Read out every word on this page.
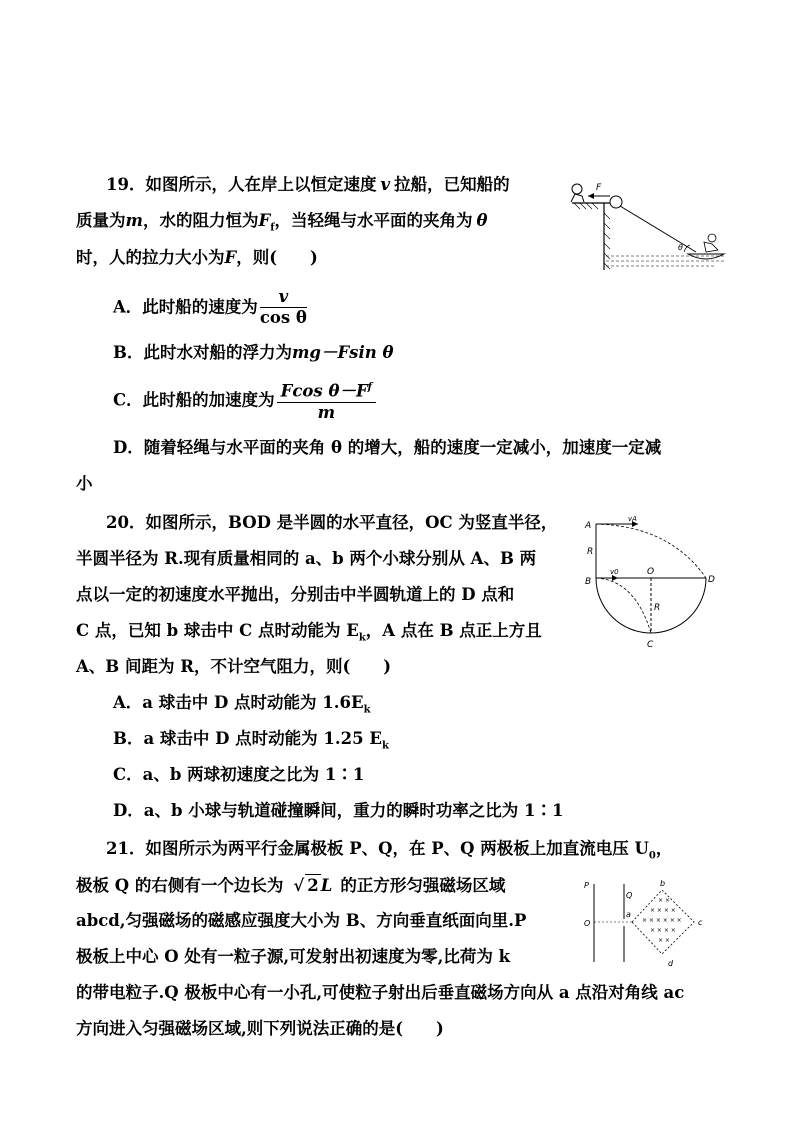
19．如图所示，人在岸上以恒定速度 v 拉船，已知船的
质量为m，水的阻力恒为$F_f$，当轻绳与水平面的夹角为 θ
时，人的拉力大小为F，则(　　)
A．此时船的速度为 $\frac{v}{\text{cos θ}}$
B．此时水对船的浮力为mg－Fsin θ
C．此时船的加速度为 $\frac{Fcos \theta-F^f}{m}$
D．随着轻绳与水平面的夹角 θ 的增大，船的速度一定减小，加速度一定减
小
F
θ
20．如图所示，BOD 是半圆的水平直径，OC 为竖直半径，
半圆半径为 R.现有质量相同的 a、b 两个小球分别从 A、B 两
点以一定的初速度水平抛出，分别击中半圆轨道上的 D 点和
C 点，已知 b 球击中 C 点时动能为 $E_k$，A 点在 B 点正上方且
A、B 间距为 R，不计空气阻力，则(　　)
A．a 球击中 D 点时动能为 $1.6E_k$
B．a 球击中 D 点时动能为 1.25 $E_k$
C．a、b 两球初速度之比为 1∶1
D．a、b 小球与轨道碰撞瞬间，重力的瞬时功率之比为 1∶1
A
vA
R
B
v0	O
D
R
C
21．如图所示为两平行金属极板 P、Q，在 P、Q 两极板上加直流电压 $U_0$，
极板 Q 的右侧有一个边长为 √ 2 L 的正方形匀强磁场区域
abcd,匀强磁场的磁感应强度大小为 B、方向垂直纸面向里.P
极板上中心 O 处有一粒子源,可发射出初速度为零,比荷为 k
的带电粒子.Q 极板中心有一小孔,可使粒子射出后垂直磁场方向从 a 点沿对角线 ac
方向进入匀强磁场区域,则下列说法正确的是(　　)
× ×
× × × ×
× × × × × ×
× × × ×
× ×
P
O
Q
a
b
c
d
